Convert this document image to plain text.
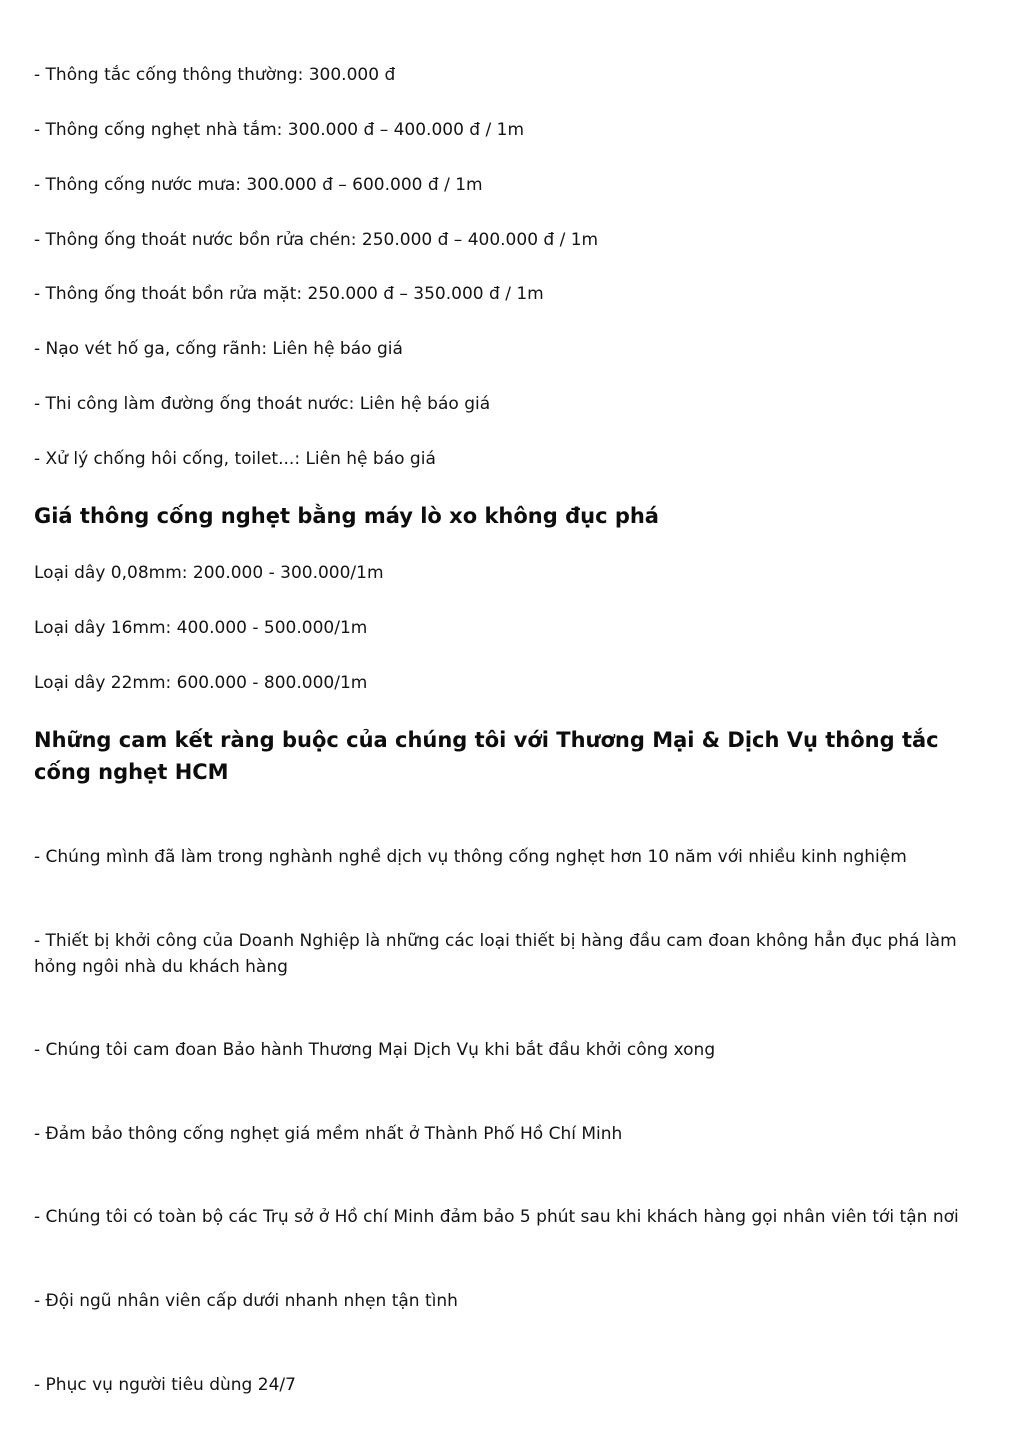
- Thông tắc cống thông thường: 300.000 đ

- Thông cống nghẹt nhà tắm: 300.000 đ – 400.000 đ / 1m

- Thông cống nước mưa: 300.000 đ – 600.000 đ / 1m

- Thông ống thoát nước bồn rửa chén: 250.000 đ – 400.000 đ / 1m

- Thông ống thoát bồn rửa mặt: 250.000 đ – 350.000 đ / 1m

- Nạo vét hố ga, cống rãnh: Liên hệ báo giá

- Thi công làm đường ống thoát nước: Liên hệ báo giá

- Xử lý chống hôi cống, toilet...: Liên hệ báo giá

Giá thông cống nghẹt bằng máy lò xo không đục phá

Loại dây 0,08mm: 200.000 - 300.000/1m

Loại dây 16mm: 400.000 - 500.000/1m

Loại dây 22mm: 600.000 - 800.000/1m

Những cam kết ràng buộc của chúng tôi với Thương Mại & Dịch Vụ thông tắc cống nghẹt HCM

- Chúng mình đã làm trong nghành nghề dịch vụ thông cống nghẹt hơn 10 năm với nhiều kinh nghiệm

- Thiết bị khởi công của Doanh Nghiệp là những các loại thiết bị hàng đầu cam đoan không hẳn đục phá làm hỏng ngôi nhà du khách hàng

- Chúng tôi cam đoan Bảo hành Thương Mại Dịch Vụ khi bắt đầu khởi công xong

- Đảm bảo thông cống nghẹt giá mềm nhất ở Thành Phố Hồ Chí Minh

- Chúng tôi có toàn bộ các Trụ sở ở Hồ chí Minh đảm bảo 5 phút sau khi khách hàng gọi nhân viên tới tận nơi

- Đội ngũ nhân viên cấp dưới nhanh nhẹn tận tình

- Phục vụ người tiêu dùng 24/7
